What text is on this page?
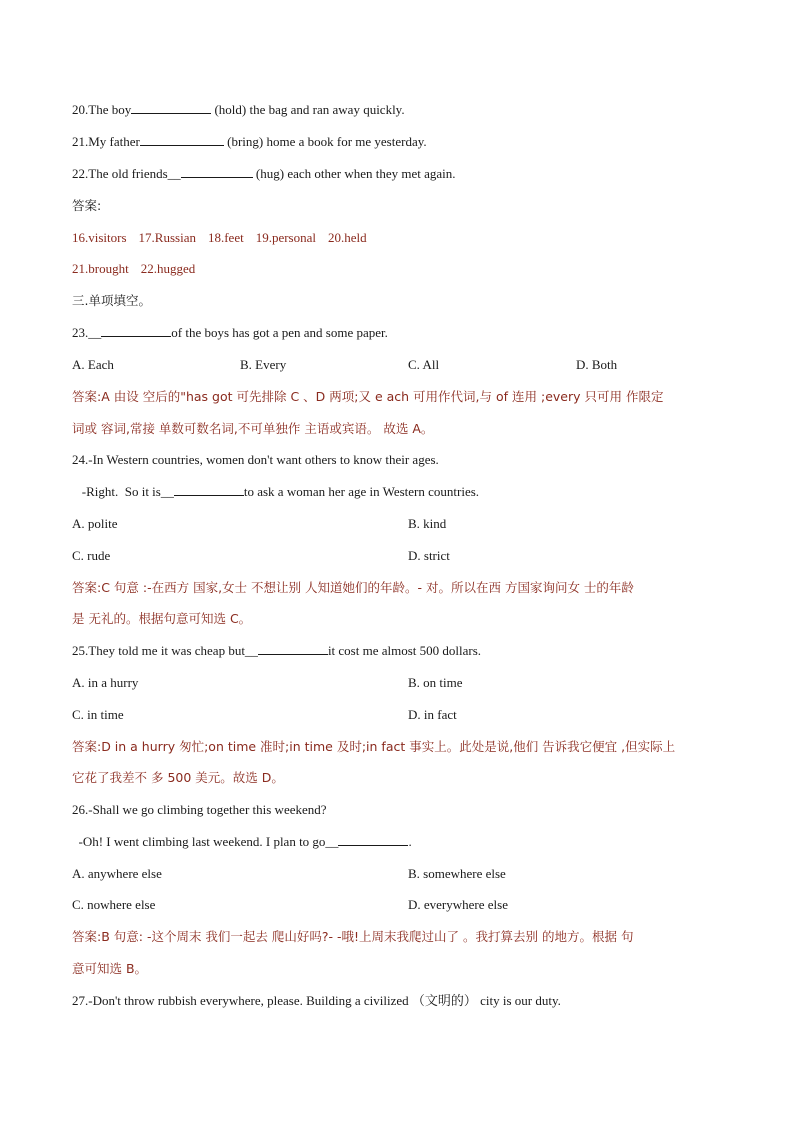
20.The boy	(hold) the bag and ran away quickly.
21.My father	(bring) home a book for me yesterday.
22.The old friends__	(hug) each other when they met again.
答案:
16.visitors 17.Russian 18.feet 19.personal 20.held
21.brought 22.hugged
三.单项填空。
23.__	of the boys has got a pen and some paper.
A. Each	B. Every	C. All	D. Both
答案:A 由设 空后的"has got 可先排除 C 、D 两项;又 e ach 可用作代词,与 of 连用 ;every 只可用 作限定
词或 容词,常接 单数可数名词,不可单独作 主语或宾语。 故选 A。
24.-In Western countries, women don't want others to know their ages.
-Right.  So it is__	to ask a woman her age in Western countries.
A. polite	B. kind
C. rude	D. strict
答案:C 句意 :-在西方 国家,女士 不想让别 人知道她们的年龄。- 对。所以在西 方国家询问女 士的年龄
是 无礼的。根据句意可知选 C。
25.They told me it was cheap but__	it cost me almost 500 dollars.
A. in a hurry	B. on time
C. in time	D. in fact
答案:D in a hurry 匆忙;on time 准时;in time 及时;in fact 事实上。此处是说,他们 告诉我它便宜 ,但实际上
它花了我差不 多 500 美元。故选 D。
26.-Shall we go climbing together this weekend?
-Oh! I went climbing last weekend. I plan to go__	.
A. anywhere else	B. somewhere else
C. nowhere else	D. everywhere else
答案:B 句意: -这个周末 我们一起去 爬山好吗?- -哦!上周末我爬过山了 。我打算去别 的地方。根据 句
意可知选 B。
27.-Don't throw rubbish everywhere, please. Building a civilized （文明的） city is our duty.
